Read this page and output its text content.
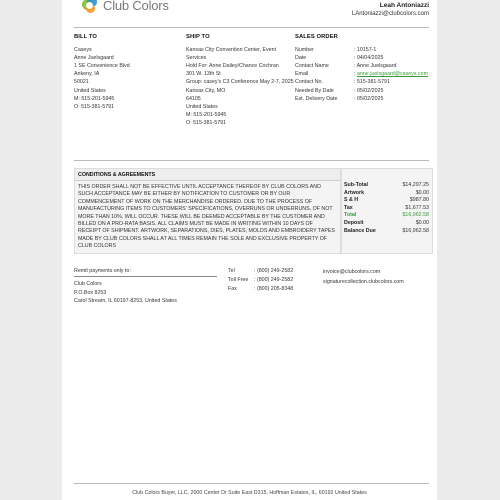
Club Colors	Leah Antoniazzi
LAntoniazzi@clubcolors.com
BILL TO
Caseys
Anne Juelsgaard
1 SE Convenience Blvd
Ankeny, IA
50021
United States
M: 515-201-5945
O: 515-381-5791
SHIP TO
Kansas City Convention Center, Event Services
Hold For: Anne Dailey/Chance Cochran
301 W. 13th St
Group: casey's C3 Conference May 2-7, 2025
Kansas City, MO
64105
United States
M: 515-201-5945
O: 515-381-5791
SALES ORDER
Number	: 10157-1
Date	: 04/04/2025
Contact Name	: Anne Juelsgaard
Email	: anne.juelsgaard@caseys.com
Contact No.	: 515-381-5791
Needed By Date	: 05/02/2025
Est. Delivery Date	: 05/02/2025
CONDITIONS & AGREEMENTS

THIS ORDER SHALL NOT BE EFFECTIVE UNTIL ACCEPTANCE THEREOF BY CLUB COLORS AND SUCH ACCEPTANCE MAY BE EITHER BY NOTIFICATION TO CUSTOMER OR BY OUR COMMENCEMENT OF WORK ON THE MERCHANDISE ORDERED. DUE TO THE PROCESS OF MANUFACTURING ITEMS TO CUSTOMERS' SPECIFICATIONS, OVERRUNS OR UNDERRUNS, OF NOT MORE THAN 10%, WILL OCCUR. THESE WILL BE DEEMED ACCEPTABLE BY THE CUSTOMER AND BILLED ON A PRO-RATA BASIS. ALL CLAIMS MUST BE MADE IN WRITING WITHIN 10 DAYS OF RECEIPT OF SHIPMENT. ARTWORK, SEPARATIONS, DIES, PLATES, MOLDS AND EMBROIDERY TAPES MADE BY CLUB COLORS SHALL AT ALL TIMES REMAIN THE SOLE AND EXCLUSIVE PROPERTY OF CLUB COLORS

Sub-Total	$14,297.25
Artwork	$0.00
S & H	$987.80
Tax	$1,677.53
Total	$16,962.58
Deposit	$0.00
Balance Due	$16,962.58
Remit payments only to:
Club Colors
P.O.Box 8253
Carol Stream, IL 60197-8253, United States
Tel	: (800) 249-2582
Toll Free	: (800) 249-2582
Fax	: (800) 205-8348
invoice@clubcolors.com
signaturecollection.clubcolors.com
Club Colors Buyer, LLC, 2000 Center Dr Suite East D315, Hoffman Estates, IL, 60192 United States
